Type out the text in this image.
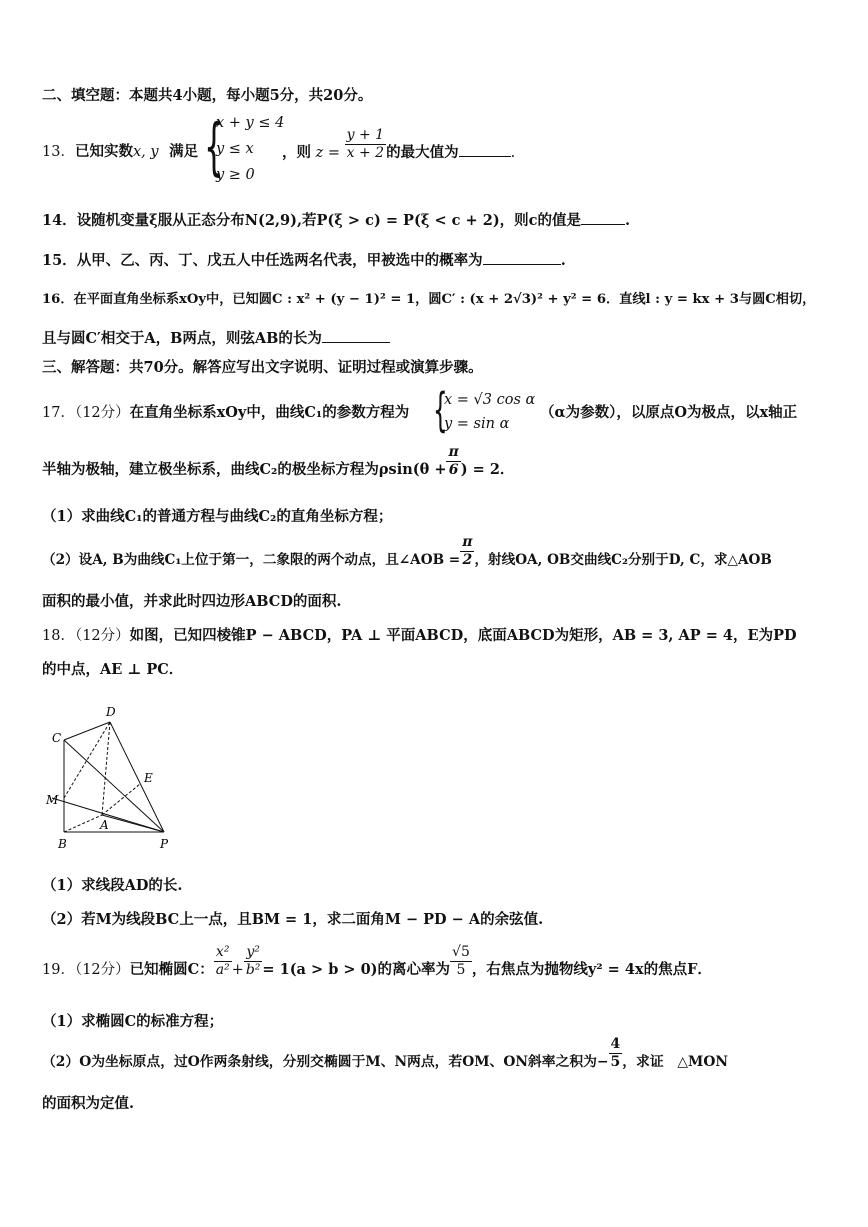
二、填空题：本题共4小题，每小题5分，共20分。
13．已知实数x, y 满足 {
x + y ≤ 4
y ≤ x
y ≥ 0
，则 $z = \frac{y + 1}{x + 2}$ 的最大值为	.
14．设随机变量ξ服从正态分布N(2,9),若P(ξ > c) = P(ξ < c + 2)，则c的值是	.
15．从甲、乙、丙、丁、戊五人中任选两名代表，甲被选中的概率为	.
16．在平面直角坐标系xOy中，已知圆C : x² + (y − 1)² = 1，圆C′ : (x + 2√3)² + y² = 6．直线l : y = kx + 3与圆C相切，
且与圆C′相交于A，B两点，则弦AB的长为
三、解答题：共70分。解答应写出文字说明、证明过程或演算步骤。
17．（12分）在直角坐标系xOy中，曲线C₁的参数方程为 {
x = √3 cos α
y = sin α
（α为参数），以原点O为极点，以x轴正
半轴为极轴，建立极坐标系，曲线C₂的极坐标方程为$\rho\sin(\theta + \frac{\pi}{6}$ ) = 2．
（1）求曲线C₁的普通方程与曲线C₂的直角坐标方程；
（2）设A, B为曲线C₁上位于第一，二象限的两个动点，且∠AOB = $\frac{\pi}{2}$ ，射线OA, OB交曲线C₂分别于D, C，求△AOB
面积的最小值，并求此时四边形ABCD的面积.
18．（12分）如图，已知四棱锥P − ABCD，PA ⊥ 平面ABCD，底面ABCD为矩形，AB = 3, AP = 4，E为PD
的中点，AE ⊥ PC．
D
C
E
M
A
B	P
（1）求线段AD的长.
（2）若M为线段BC上一点，且BM = 1，求二面角M − PD − A的余弦值.
19．（12分）已知椭圆C： $\frac{\text{x²}}{\text{a²}} + \frac{\text{y²}}{\text{b²}} = 1(a > b > 0)$的离心率为 $\frac{√5}{5}$ ，右焦点为抛物线y² = 4x的焦点F．
（1）求椭圆C的标准方程；
（2）O为坐标原点，过O作两条射线，分别交椭圆于M、N两点，若OM、ON斜率之积为− $\frac{4}{5}$ ，求证　△MON
的面积为定值.
